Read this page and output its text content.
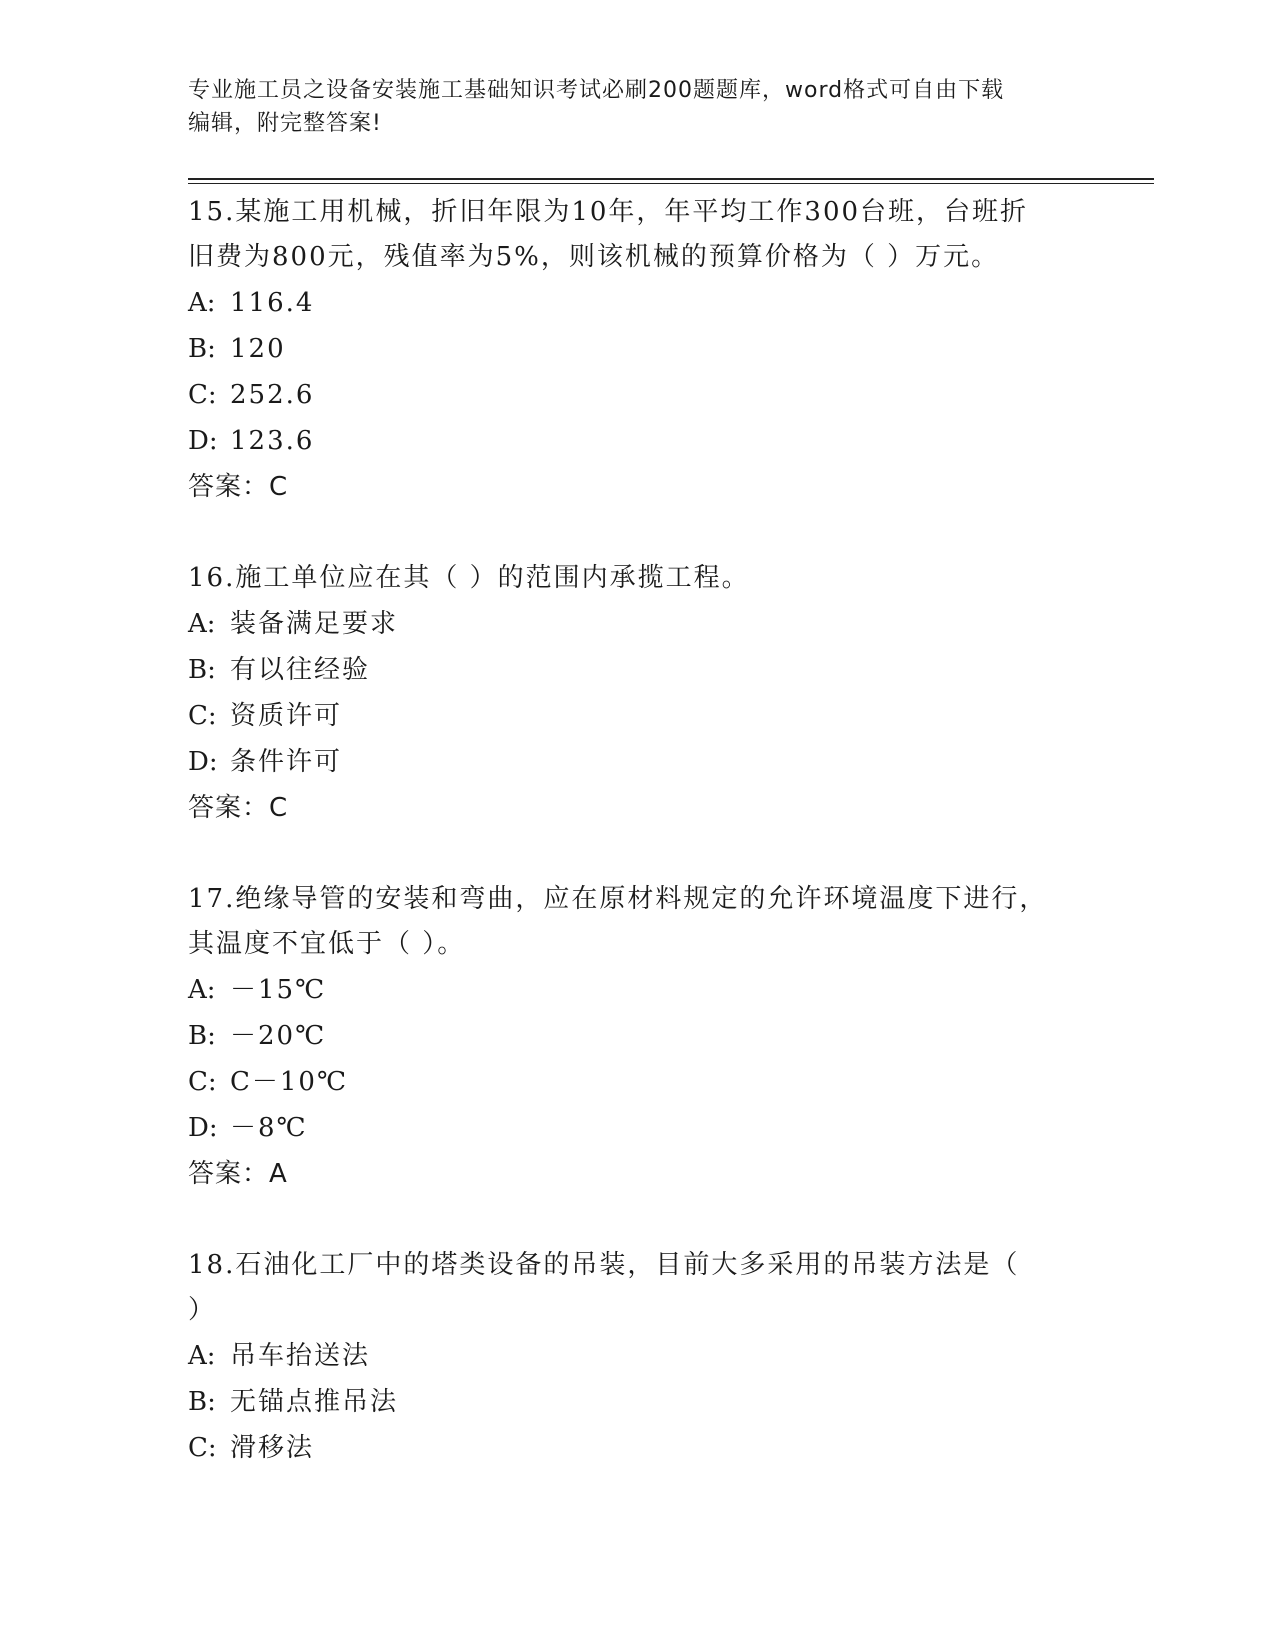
专业施工员之设备安装施工基础知识考试必刷200题题库，word格式可自由下载
编辑，附完整答案!
15.某施工用机械，折旧年限为10年，年平均工作300台班，台班折
旧费为800元，残值率为5%，则该机械的预算价格为（ ）万元。
A: 116.4
B: 120
C: 252.6
D: 123.6
答案：C
16.施工单位应在其（ ）的范围内承揽工程。
A: 装备满足要求
B: 有以往经验
C: 资质许可
D: 条件许可
答案：C
17.绝缘导管的安装和弯曲，应在原材料规定的允许环境温度下进行，
其温度不宜低于（ ）。
A: －15℃
B: －20℃
C: C－10℃
D: －8℃
答案：A
18.石油化工厂中的塔类设备的吊装，目前大多采用的吊装方法是（
）
A: 吊车抬送法
B: 无锚点推吊法
C: 滑移法
